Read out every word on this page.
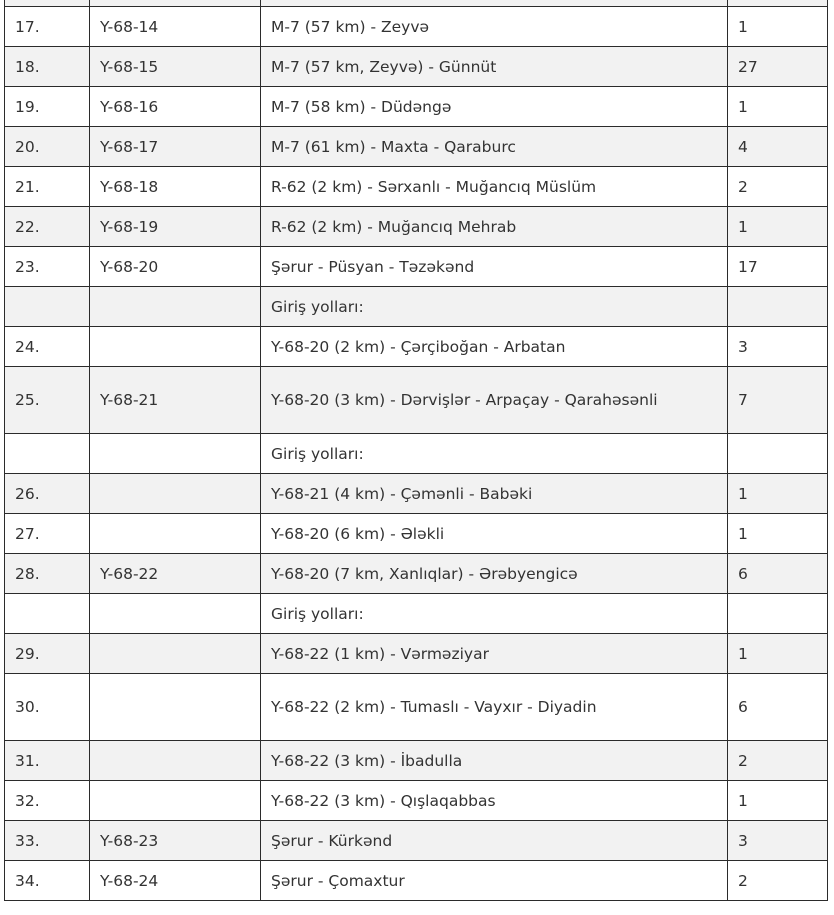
17.	Y-68-14	M-7 (57 km) - Zeyvə	1
18.	Y-68-15	M-7 (57 km, Zeyvə) - Günnüt	27
19.	Y-68-16	M-7 (58 km) - Düdəngə	1
20.	Y-68-17	M-7 (61 km) - Maxta - Qaraburc	4
21.	Y-68-18	R-62 (2 km) - Sərxanlı - Muğancıq Müslüm	2
22.	Y-68-19	R-62 (2 km) - Muğancıq Mehrab	1
23.	Y-68-20	Şərur - Püsyan - Təzəkənd	17
		Giriş yolları:	
24.		Y-68-20 (2 km) - Çərçiboğan - Arbatan	3
25.	Y-68-21	Y-68-20 (3 km) - Dərvişlər - Arpaçay - Qarahəsənli	7
		Giriş yolları:	
26.		Y-68-21 (4 km) - Çəmənli - Babəki	1
27.		Y-68-20 (6 km) - Ələkli	1
28.	Y-68-22	Y-68-20 (7 km, Xanlıqlar) - Ərəbyengicə	6
		Giriş yolları:	
29.		Y-68-22 (1 km) - Vərməziyar	1
30.		Y-68-22 (2 km) - Tumaslı - Vayxır - Diyadin	6
31.		Y-68-22 (3 km) - İbadulla	2
32.		Y-68-22 (3 km) - Qışlaqabbas	1
33.	Y-68-23	Şərur - Kürkənd	3
34.	Y-68-24	Şərur - Çomaxtur	2
